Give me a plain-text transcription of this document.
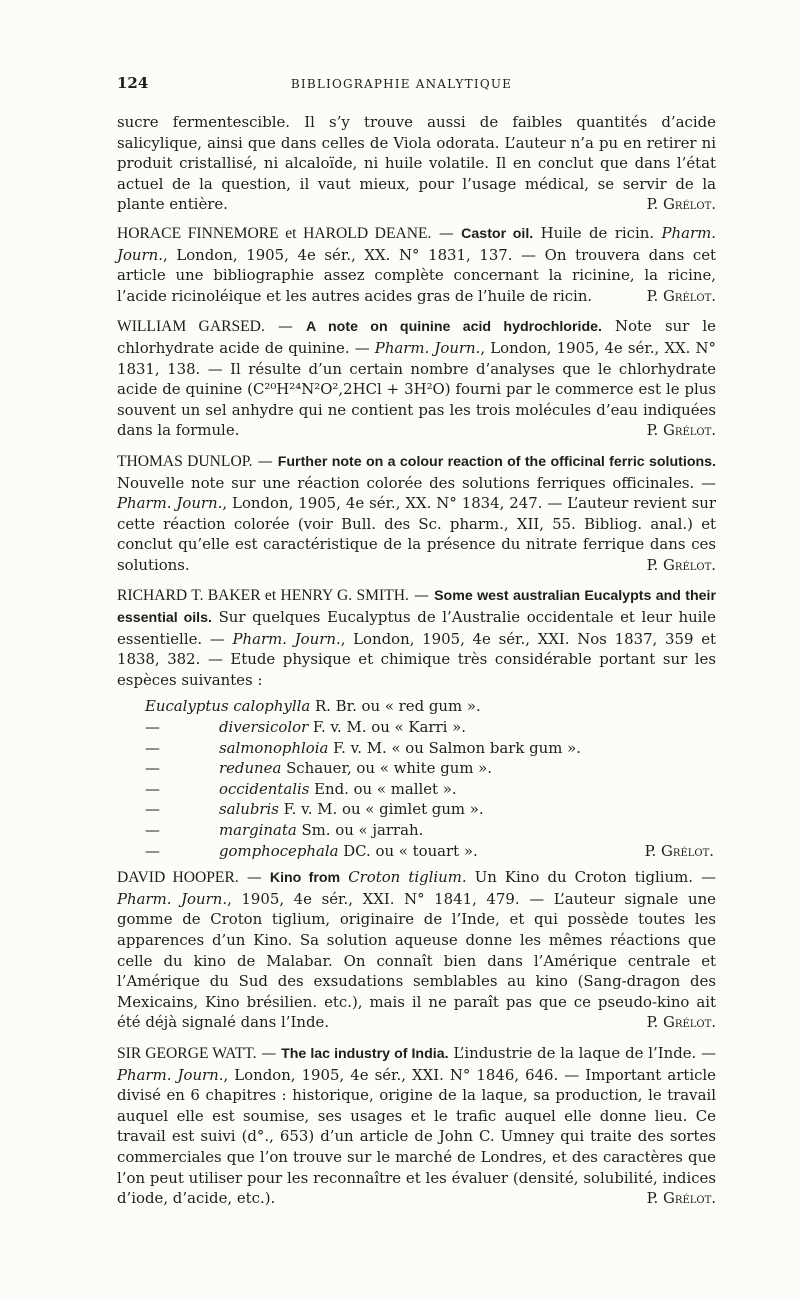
124	BIBLIOGRAPHIE ANALYTIQUE

sucre fermentescible. Il s’y trouve aussi de faibles quantités d’acide salicylique, ainsi que dans celles de Viola odorata. L’auteur n’a pu en retirer ni produit cristallisé, ni alcaloïde, ni huile volatile. Il en conclut que dans l’état actuel de la question, il vaut mieux, pour l’usage médical, se servir de la plante entière.	P. Grélot.

HORACE FINNEMORE et HAROLD DEANE. — Castor oil. Huile de ricin. Pharm. Journ., London, 1905, 4e sér., XX. N° 1831, 137. — On trouvera dans cet article une bibliographie assez complète concernant la ricinine, la ricine, l’acide ricinoléique et les autres acides gras de l’huile de ricin.	P. Grélot.

WILLIAM GARSED. — A note on quinine acid hydrochloride. Note sur le chlorhydrate acide de quinine. — Pharm. Journ., London, 1905, 4e sér., XX. N° 1831, 138. — Il résulte d’un certain nombre d’analyses que le chlorhydrate acide de quinine (C²⁰H²⁴N²O²,2HCl + 3H²O) fourni par le commerce est le plus souvent un sel anhydre qui ne contient pas les trois molécules d’eau indiquées dans la formule.	P. Grélot.

THOMAS DUNLOP. — Further note on a colour reaction of the officinal ferric solutions. Nouvelle note sur une réaction colorée des solutions ferriques officinales. — Pharm. Journ., London, 1905, 4e sér., XX. N° 1834, 247. — L’auteur revient sur cette réaction colorée (voir Bull. des Sc. pharm., XII, 55. Bibliog. anal.) et conclut qu’elle est caractéristique de la présence du nitrate ferrique dans ces solutions.	P. Grélot.

RICHARD T. BAKER et HENRY G. SMITH. — Some west australian Eucalypts and their essential oils. Sur quelques Eucalyptus de l’Australie occidentale et leur huile essentielle. — Pharm. Journ., London, 1905, 4e sér., XXI. Nos 1837, 359 et 1838, 382. — Etude physique et chimique très considérable portant sur les espèces suivantes :

Eucalyptus calophylla R. Br. ou « red gum ».
—	diversicolor F. v. M. ou « Karri ».
—	salmonophloia F. v. M. « ou Salmon bark gum ».
—	redunea Schauer, ou « white gum ».
—	occidentalis End. ou « mallet ».
—	salubris F. v. M. ou « gimlet gum ».
—	marginata Sm. ou « jarrah.
—	gomphocephala DC. ou « touart ».	P. Grélot.

DAVID HOOPER. — Kino from Croton tiglium. Un Kino du Croton tiglium. — Pharm. Journ., 1905, 4e sér., XXI. N° 1841, 479. — L’auteur signale une gomme de Croton tiglium, originaire de l’Inde, et qui possède toutes les apparences d’un Kino. Sa solution aqueuse donne les mêmes réactions que celle du kino de Malabar. On connaît bien dans l’Amérique centrale et l’Amérique du Sud des exsudations semblables au kino (Sang-dragon des Mexicains, Kino brésilien. etc.), mais il ne paraît pas que ce pseudo-kino ait été déjà signalé dans l’Inde.	P. Grélot.

SIR GEORGE WATT. — The lac industry of India. L’industrie de la laque de l’Inde. — Pharm. Journ., London, 1905, 4e sér., XXI. N° 1846, 646. — Important article divisé en 6 chapitres : historique, origine de la laque, sa production, le travail auquel elle est soumise, ses usages et le trafic auquel elle donne lieu. Ce travail est suivi (d°., 653) d’un article de John C. Umney qui traite des sortes commerciales que l’on trouve sur le marché de Londres, et des caractères que l’on peut utiliser pour les reconnaître et les évaluer (densité, solubilité, indices d’iode, d’acide, etc.).	P. Grélot.
